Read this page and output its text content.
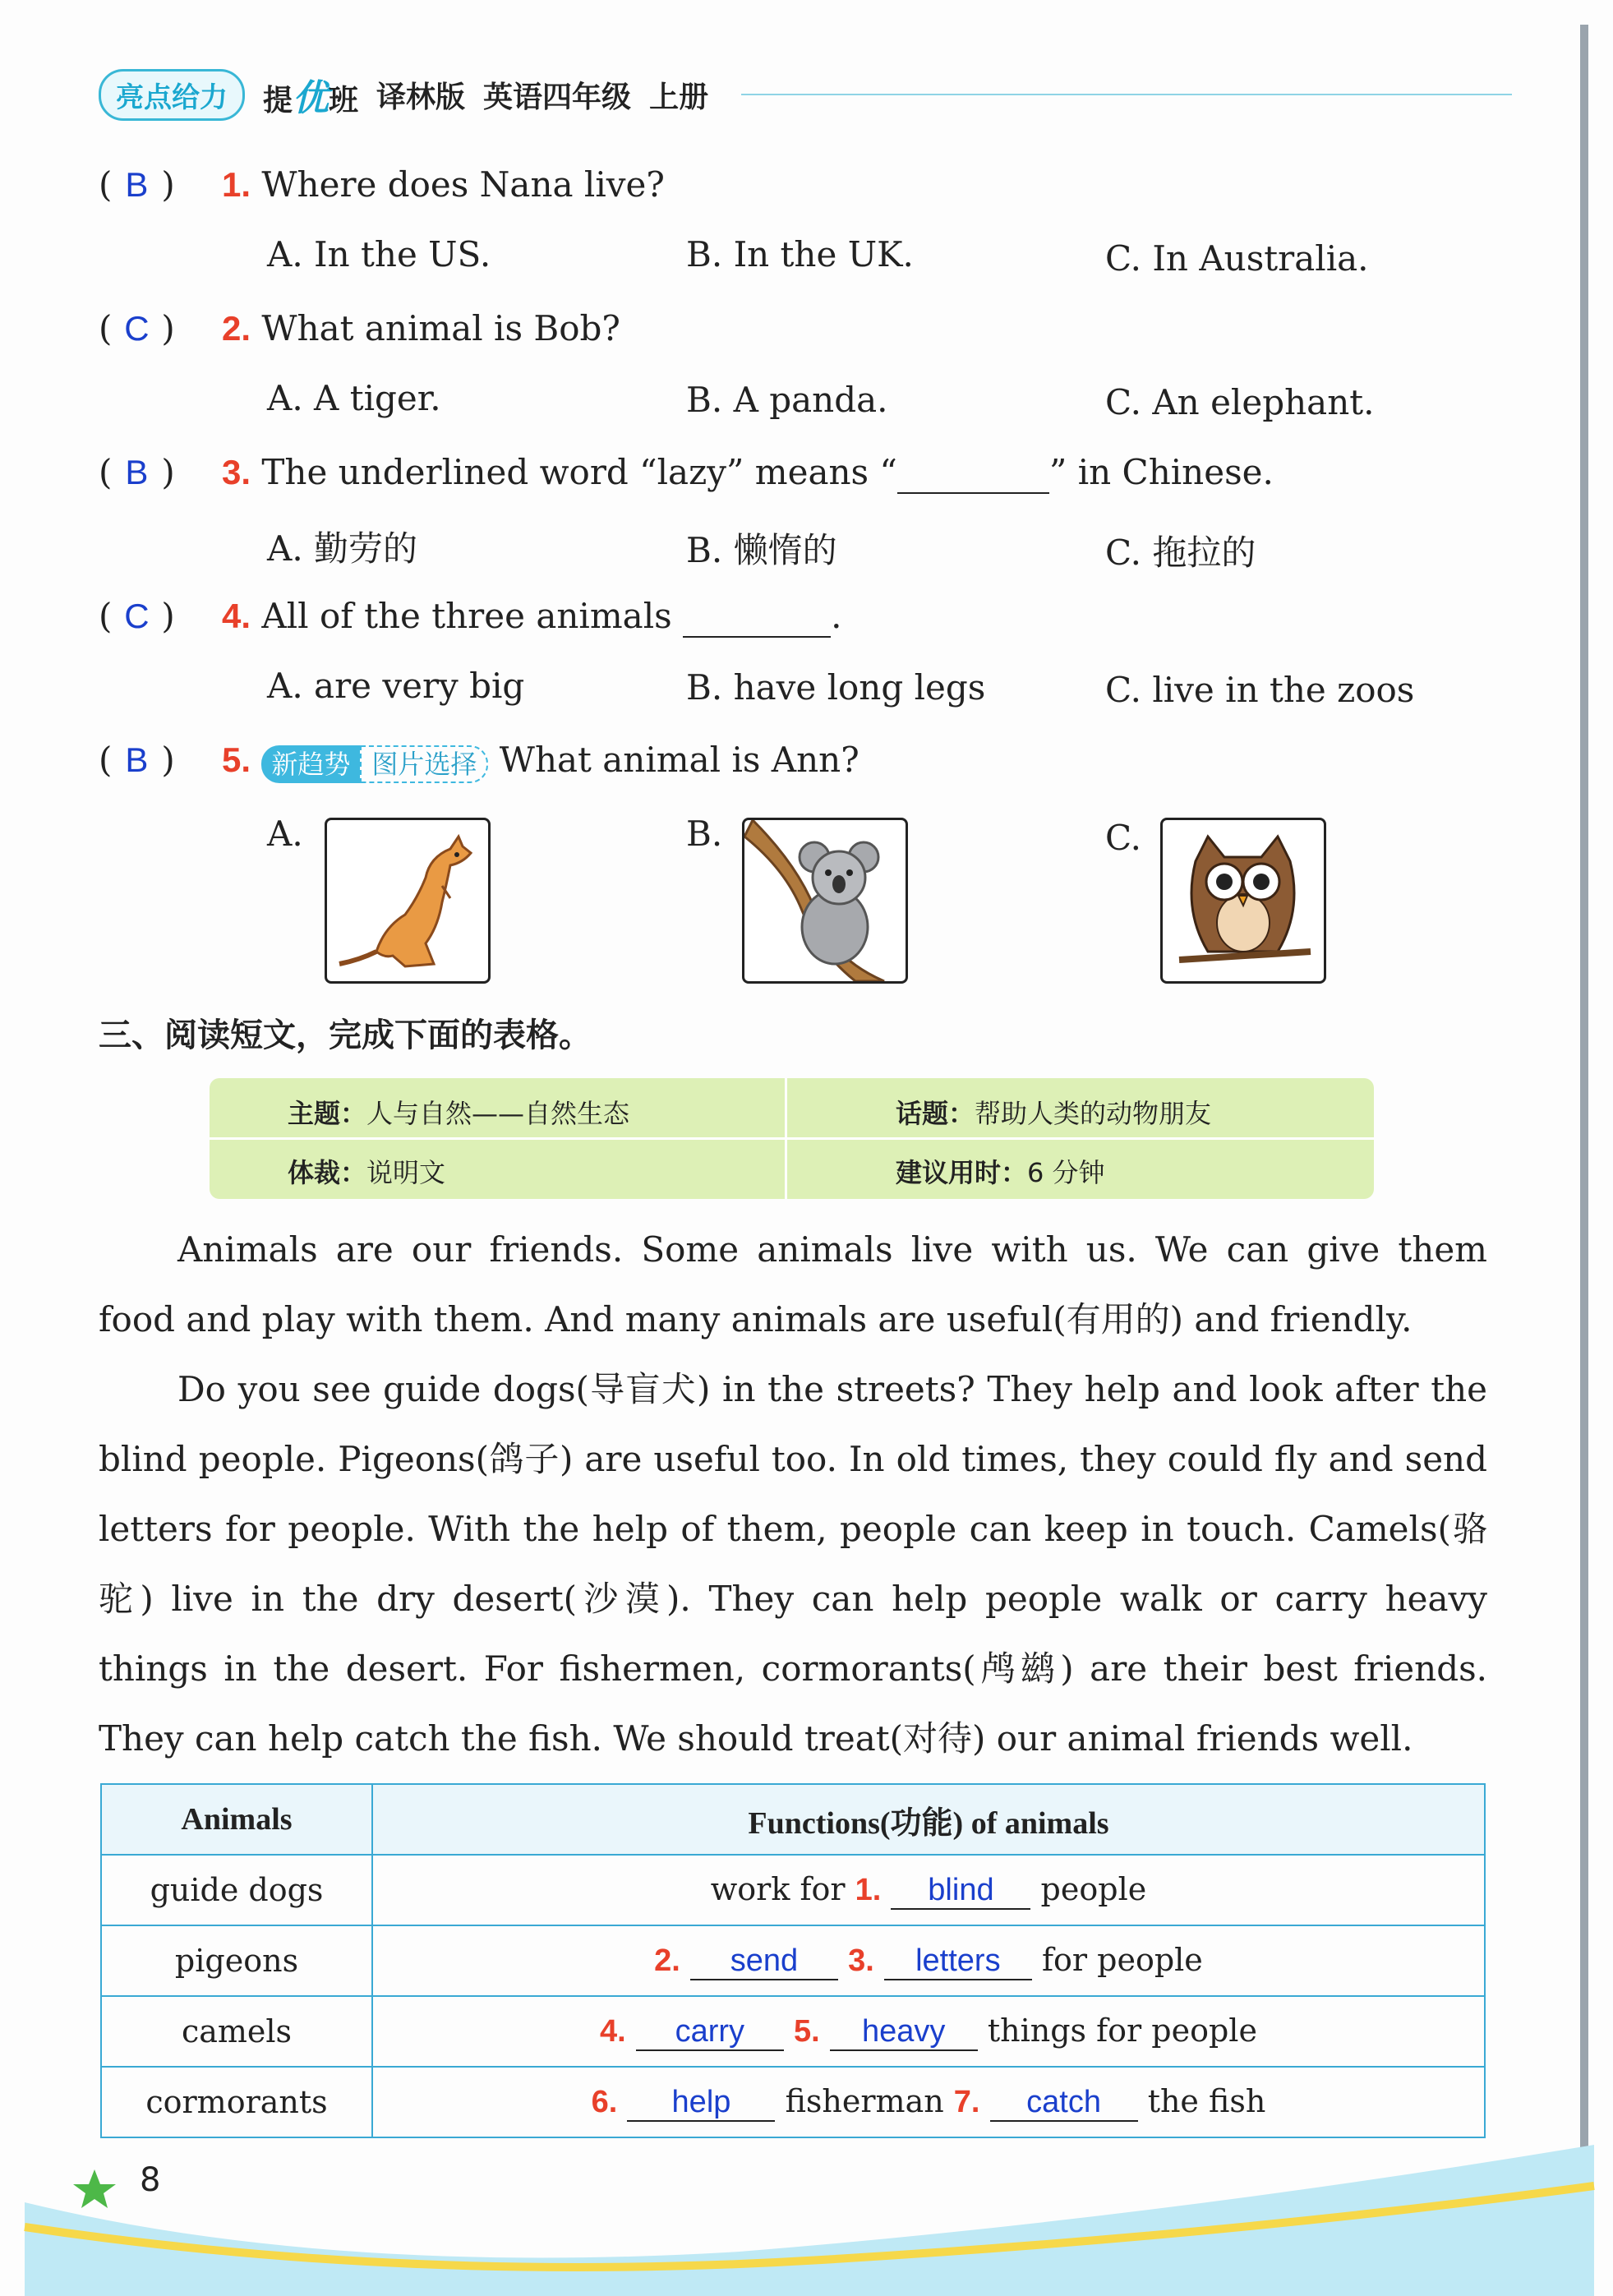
亮点给力	提优班 译林版 英语四年级 上册
( B ) 1. Where does Nana live?
A. In the US.	B. In the UK.	C. In Australia.
( C ) 2. What animal is Bob?
A. A tiger.	B. A panda.	C. An elephant.
( B ) 3. The underlined word “lazy” means “	” in Chinese.
A. 勤劳的	B. 懒惰的	C. 拖拉的
( C ) 4. All of the three animals	.
A. are very big	B. have long legs	C. live in the zoos
( B ) 5. 新趋势 图片选择 What animal is Ann?
A.	B.	C.
三、阅读短文，完成下面的表格。
主题：人与自然——自然生态	话题：帮助人类的动物朋友
体裁：说明文	建议用时：6 分钟
Animals are our friends. Some animals live with us. We can give them food and play with them. And many animals are useful(有用的) and friendly.
Do you see guide dogs(导盲犬) in the streets? They help and look after the blind people. Pigeons(鸽子) are useful too. In old times, they could fly and send letters for people. With the help of them, people can keep in touch. Camels(骆驼) live in the dry desert(沙漠). They can help people walk or carry heavy things in the desert. For fishermen, cormorants(鸬鹚) are their best friends. They can help catch the fish. We should treat(对待) our animal friends well.
Animals	Functions(功能) of animals
guide dogs	work for 1. blind people
pigeons	2. send 3. letters for people
camels	4. carry 5. heavy things for people
cormorants	6. help fisherman 7. catch the fish
8
